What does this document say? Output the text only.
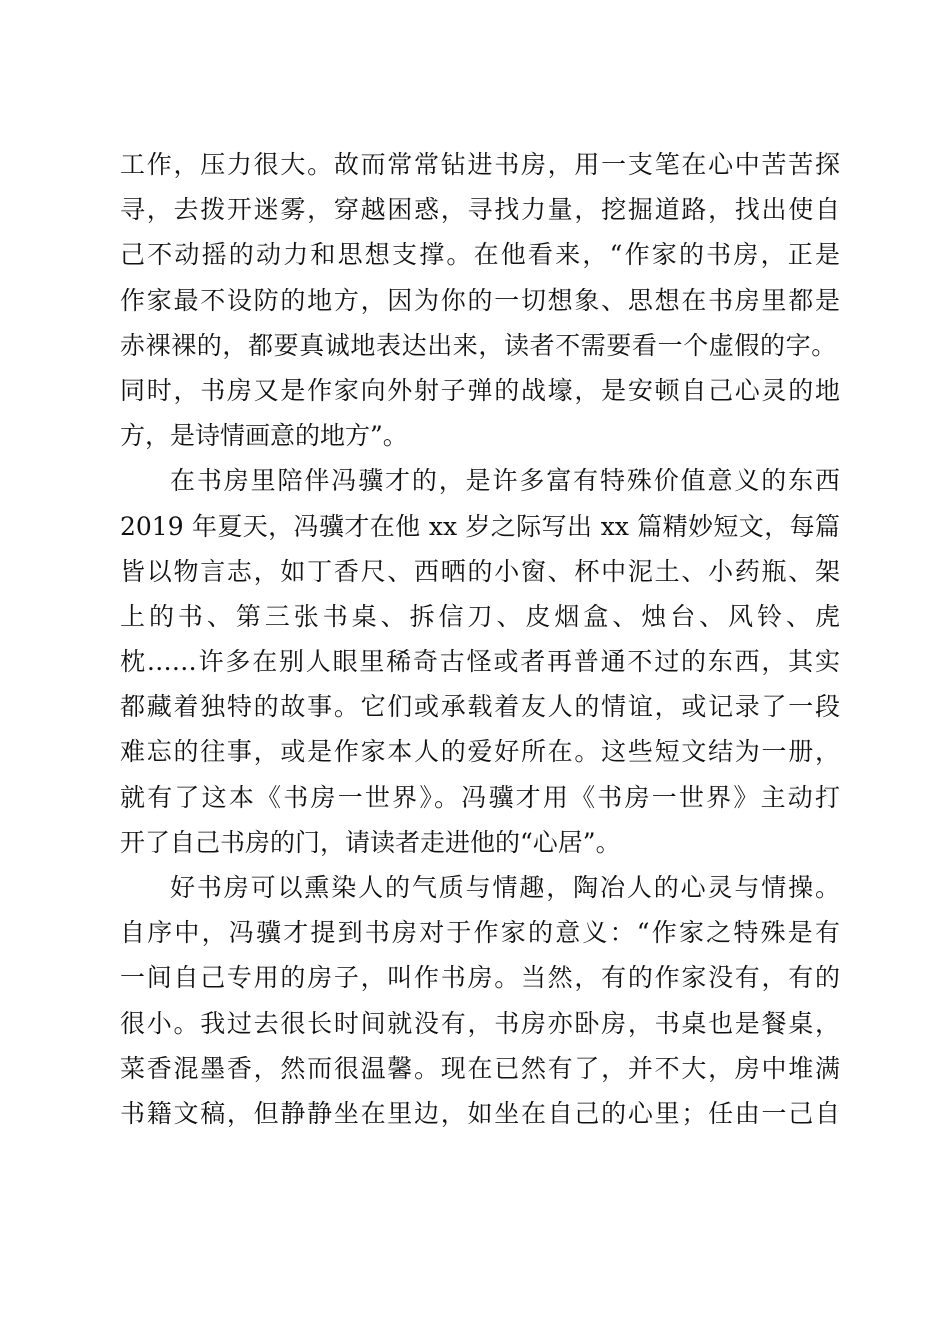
工作，压力很大。故而常常钻进书房，用一支笔在心中苦苦探
寻，去拨开迷雾，穿越困惑，寻找力量，挖掘道路，找出使自
己不动摇的动力和思想支撑。在他看来，“作家的书房，正是
作家最不设防的地方，因为你的一切想象、思想在书房里都是
赤裸裸的，都要真诚地表达出来，读者不需要看一个虚假的字。
同时，书房又是作家向外射子弹的战壕，是安顿自己心灵的地
方，是诗情画意的地方”。
在书房里陪伴冯骥才的，是许多富有特殊价值意义的东西
2019 年夏天，冯骥才在他 xx 岁之际写出 xx 篇精妙短文，每篇
皆以物言志，如丁香尺、西晒的小窗、杯中泥土、小药瓶、架
上的书、第三张书桌、拆信刀、皮烟盒、烛台、风铃、虎
枕……许多在别人眼里稀奇古怪或者再普通不过的东西，其实
都藏着独特的故事。它们或承载着友人的情谊，或记录了一段
难忘的往事，或是作家本人的爱好所在。这些短文结为一册，
就有了这本《书房一世界》。冯骥才用《书房一世界》主动打
开了自己书房的门，请读者走进他的“心居”。
好书房可以熏染人的气质与情趣，陶冶人的心灵与情操。
自序中，冯骥才提到书房对于作家的意义：“作家之特殊是有
一间自己专用的房子，叫作书房。当然，有的作家没有，有的
很小。我过去很长时间就没有，书房亦卧房，书桌也是餐桌，
菜香混墨香，然而很温馨。现在已然有了，并不大，房中堆满
书籍文稿，但静静坐在里边，如坐在自己的心里；任由一己自
